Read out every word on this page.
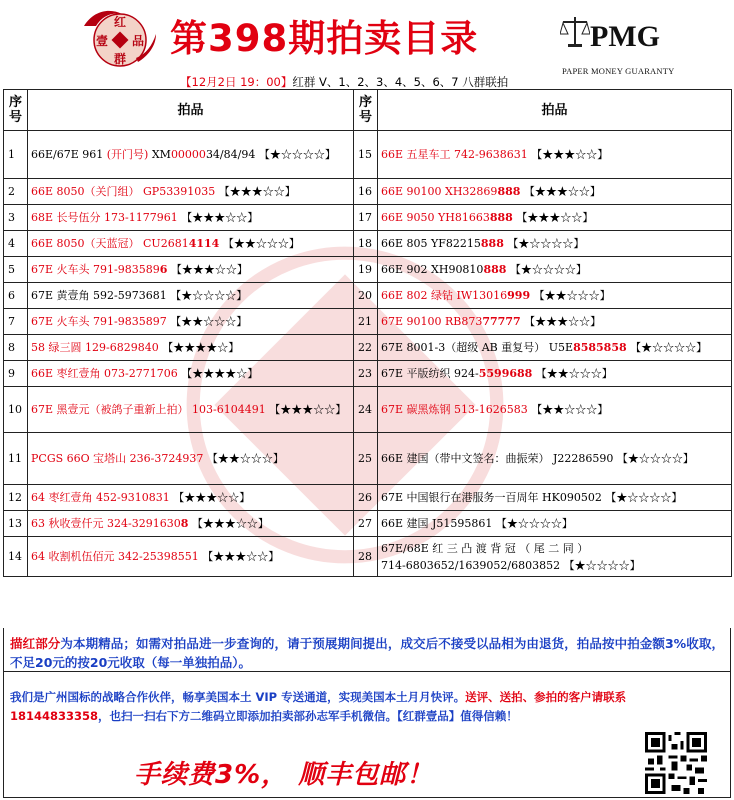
红
壹 品
群 第398期拍卖目录	PMG
PAPER MONEY GUARANTY
【12月2日 19：00】红群 V、1、2、3、4、5、6、7 八群联拍
序号	拍品	序号	拍品
1	66E/67E 961 (开门号) XM0000034/84/94 【★☆☆☆☆】	15	66E 五星车工 742-9638631 【★★★☆☆】
2	66E 8050（关门组） GP53391035 【★★★☆☆】	16	66E 90100 XH32869888 【★★★☆☆】
3	68E 长号伍分 173-1177961 【★★★☆☆】	17	66E 9050 YH81663888 【★★★☆☆】
4	66E 8050（天蓝冠） CU26814114 【★★☆☆☆】	18	66E 805 YF82215888 【★☆☆☆☆】
5	67E 火车头 791-9835896 【★★★☆☆】	19	66E 902 XH90810888 【★☆☆☆☆】
6	67E 黄壹角 592-5973681 【★☆☆☆☆】	20	66E 802 绿钻 IW13016999 【★★☆☆☆】
7	67E 火车头 791-9835897 【★★☆☆☆】	21	67E 90100 RB87377777 【★★★☆☆】
8	58 绿三圆 129-6829840 【★★★★☆】	22	67E 8001-3（超级 AB 重复号） U5E8585858 【★☆☆☆☆】
9	66E 枣红壹角 073-2771706 【★★★★☆】	23	67E 平版纺织 924-5599688 【★★☆☆☆】
10	67E 黑壹元（被鸽子重新上拍） 103-6104491 【★★★☆☆】	24	67E 碳黑炼钢 513-1626583 【★★☆☆☆】
11	PCGS 66O 宝塔山 236-3724937 【★★☆☆☆】	25	66E 建国（带中文签名：曲振荣） J22286590 【★☆☆☆☆】
12	64 枣红壹角 452-9310831 【★★★☆☆】	26	67E 中国银行在港服务一百周年 HK090502 【★☆☆☆☆】
13	63 秋收壹仟元 324-32916308 【★★★☆☆】	27	66E 建国 J51595861 【★☆☆☆☆】
14	64 收割机伍佰元 342-25398551 【★★★☆☆】	28	67E/68E 红 三 凸 渡 背 冠 （ 尾 二 同 ）
714-6803652/1639052/6803852 【★☆☆☆☆】
描红部分为本期精品；如需对拍品进一步查询的，请于预展期间提出，成交后不接受以品相为由退货，拍品按中拍金额3%收取，不足20元的按20元收取（每一单独拍品）。
我们是广州国标的战略合作伙伴，畅享美国本土 VIP 专送通道，实现美国本土月月快评。送评、送拍、参拍的客户请联系 18144833358，也扫一扫右下方二维码立即添加拍卖部孙志军手机微信。【红群壹品】值得信赖！
手续费3%， 顺丰包邮！
